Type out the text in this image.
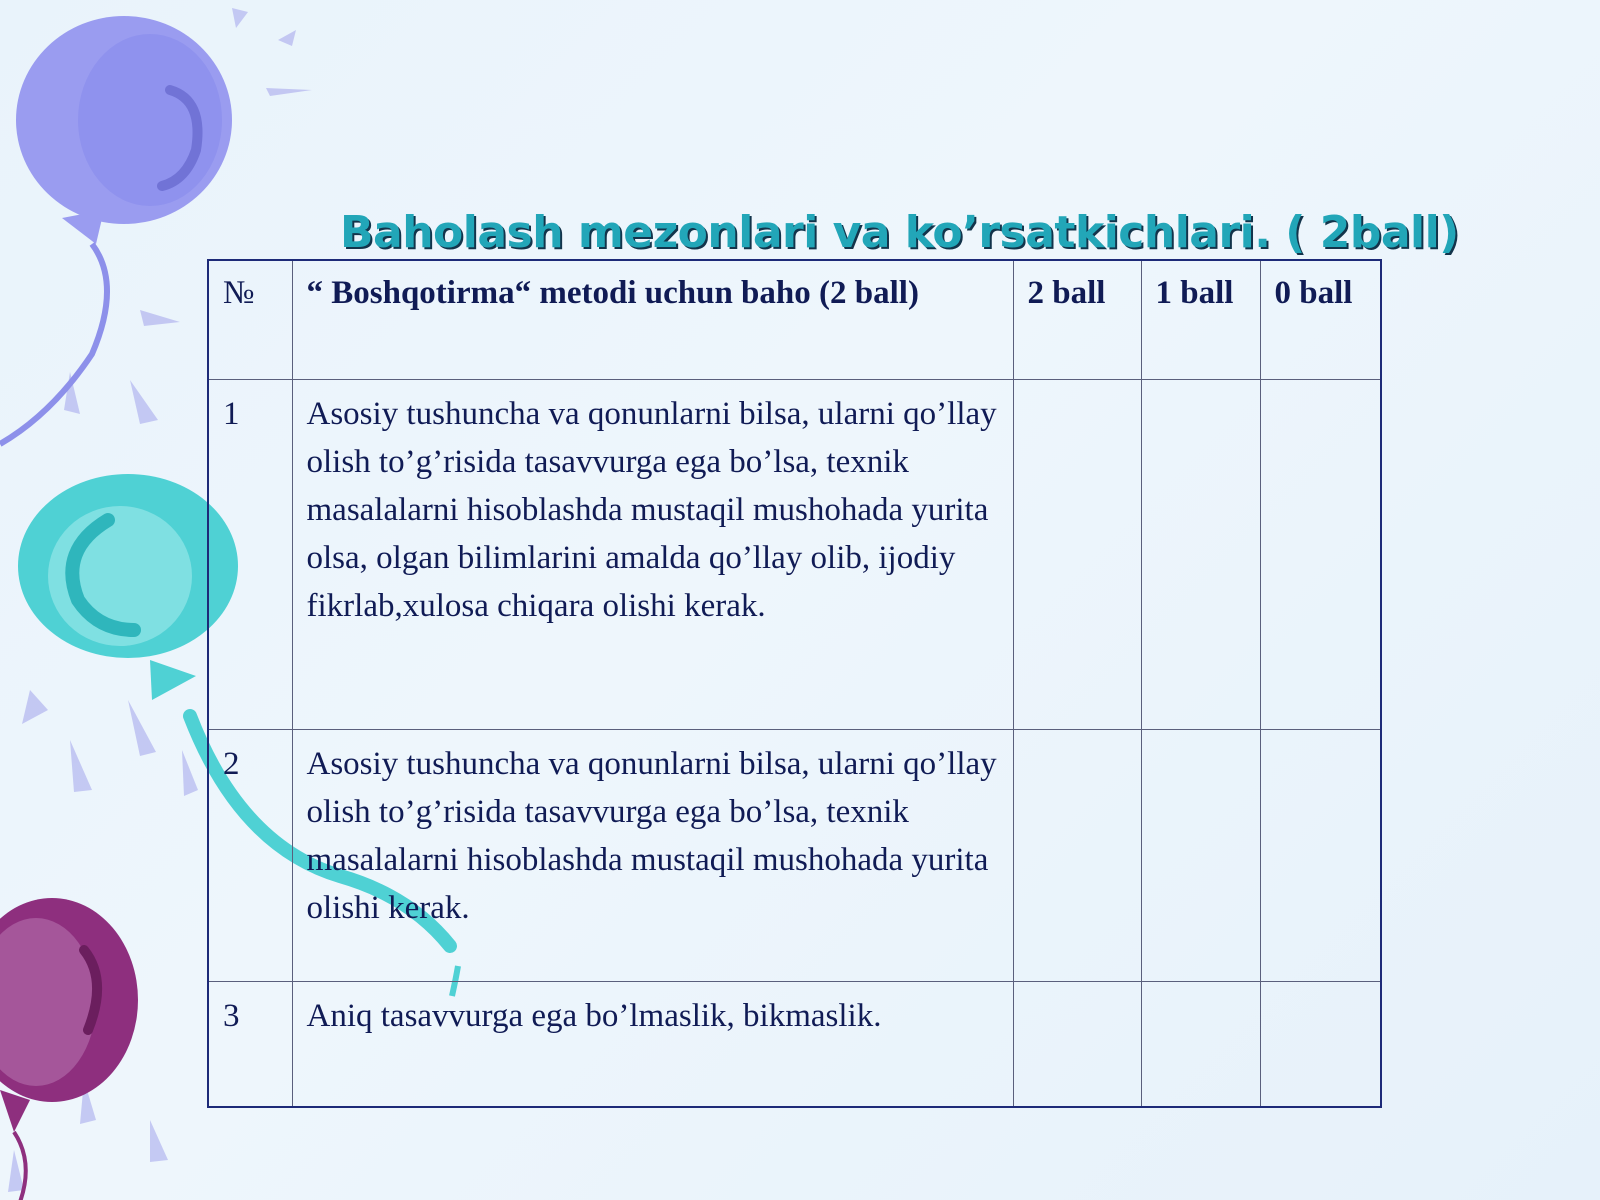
Baholash mezonlari va ko’rsatkichlari. ( 2ball)
№	“ Boshqotirma“ metodi uchun baho (2 ball)	2 ball	1 ball	0 ball
1	Asosiy tushuncha va qonunlarni bilsa, ularni qo’llay olish to’g’risida tasavvurga ega bo’lsa, texnik masalalarni hisoblashda mustaqil mushohada yurita olsa, olgan bilimlarini amalda qo’llay olib, ijodiy fikrlab,xulosa chiqara olishi kerak.			
2	Asosiy tushuncha va qonunlarni bilsa, ularni qo’llay olish to’g’risida tasavvurga ega bo’lsa, texnik masalalarni hisoblashda mustaqil mushohada yurita olishi kerak.			
3	Aniq tasavvurga ega bo’lmaslik, bikmaslik.			
